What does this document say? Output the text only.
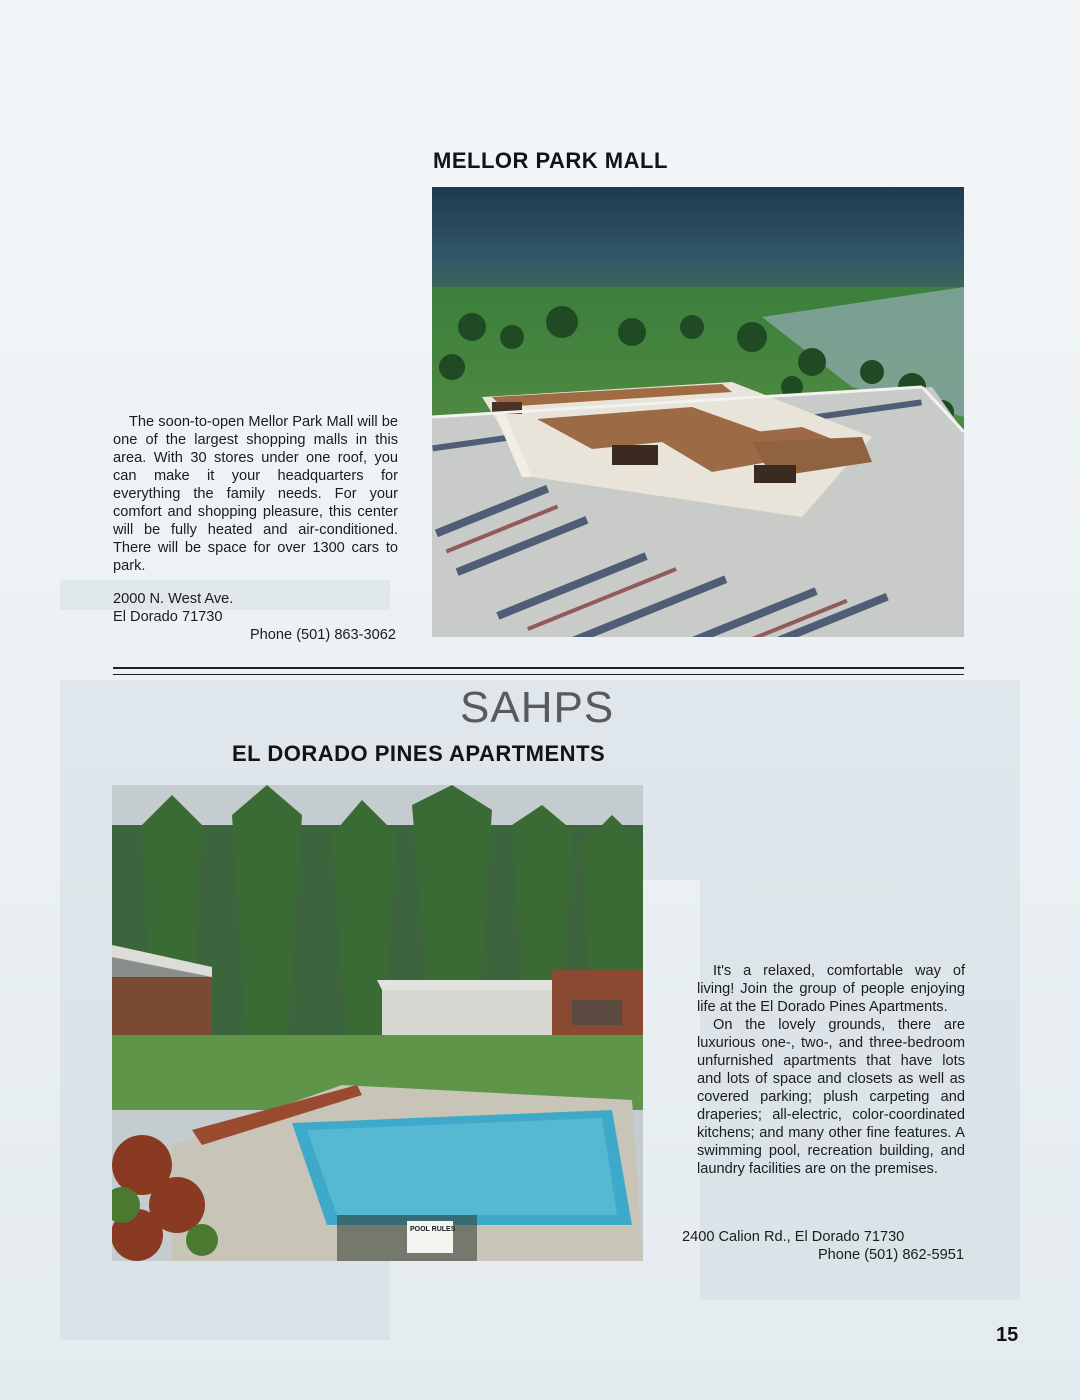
MELLOR PARK MALL

The soon-to-open Mellor Park Mall will be one of the largest shopping malls in this area. With 30 stores under one roof, you can make it your headquarters for everything the family needs. For your comfort and shopping pleasure, this center will be fully heated and air-conditioned. There will be space for over 1300 cars to park.

2000 N. West Ave.
El Dorado 71730
Phone (501) 863-3062
SAHPS
EL DORADO PINES APARTMENTS
POOL RULES

It's a relaxed, comfortable way of living! Join the group of people enjoying life at the El Dorado Pines Apartments.

On the lovely grounds, there are luxurious one-, two-, and three-bedroom unfurnished apartments that have lots and lots of space and closets as well as covered parking; plush carpeting and draperies; all-electric, color-coordinated kitchens; and many other fine features. A swimming pool, recreation building, and laundry facilities are on the premises.

2400 Calion Rd., El Dorado 71730
Phone (501) 862-5951
15
